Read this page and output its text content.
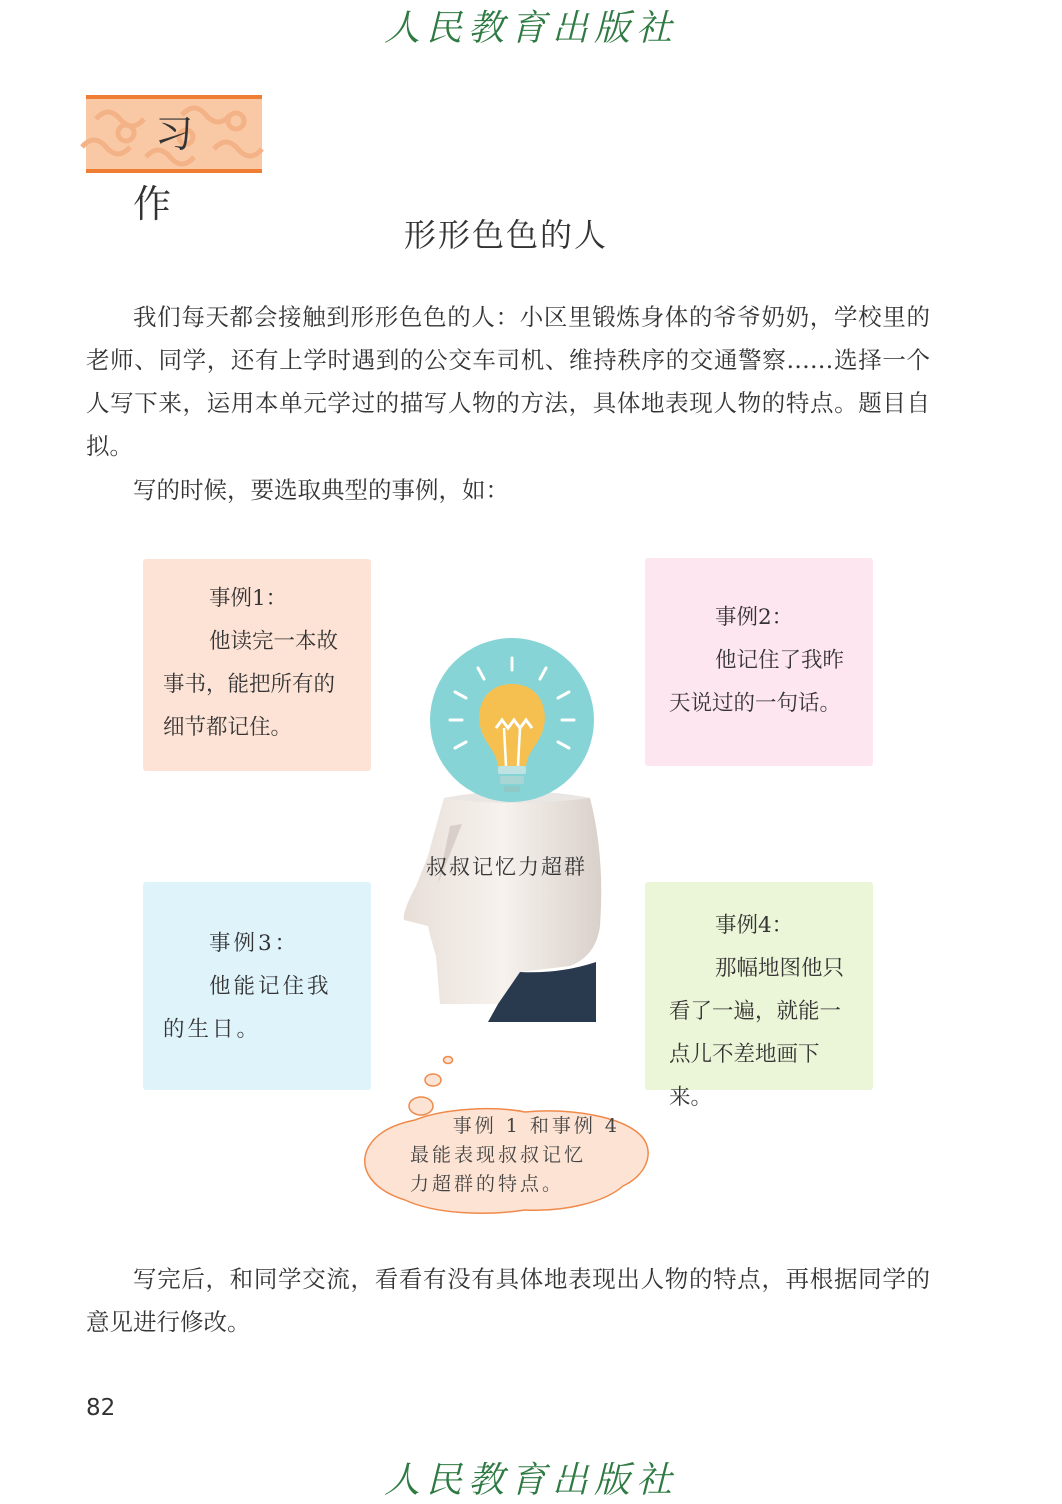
人民教育出版社
习作
形形色色的人

我们每天都会接触到形形色色的人：小区里锻炼身体的爷爷奶奶，学校里的老师、同学，还有上学时遇到的公交车司机、维持秩序的交通警察……选择一个人写下来，运用本单元学过的描写人物的方法，具体地表现人物的特点。题目自拟。

写的时候，要选取典型的事例，如：

叔叔记忆力超群
事例1：
他读完一本故事书，能把所有的细节都记住。
事例2：
他记住了我昨天说过的一句话。
事例3：
他能记住我的生日。
事例4：
那幅地图他只看了一遍，就能一点儿不差地画下来。
事例 1 和事例 4
最能表现叔叔记忆
力超群的特点。

写完后，和同学交流，看看有没有具体地表现出人物的特点，再根据同学的意见进行修改。

82
人民教育出版社
